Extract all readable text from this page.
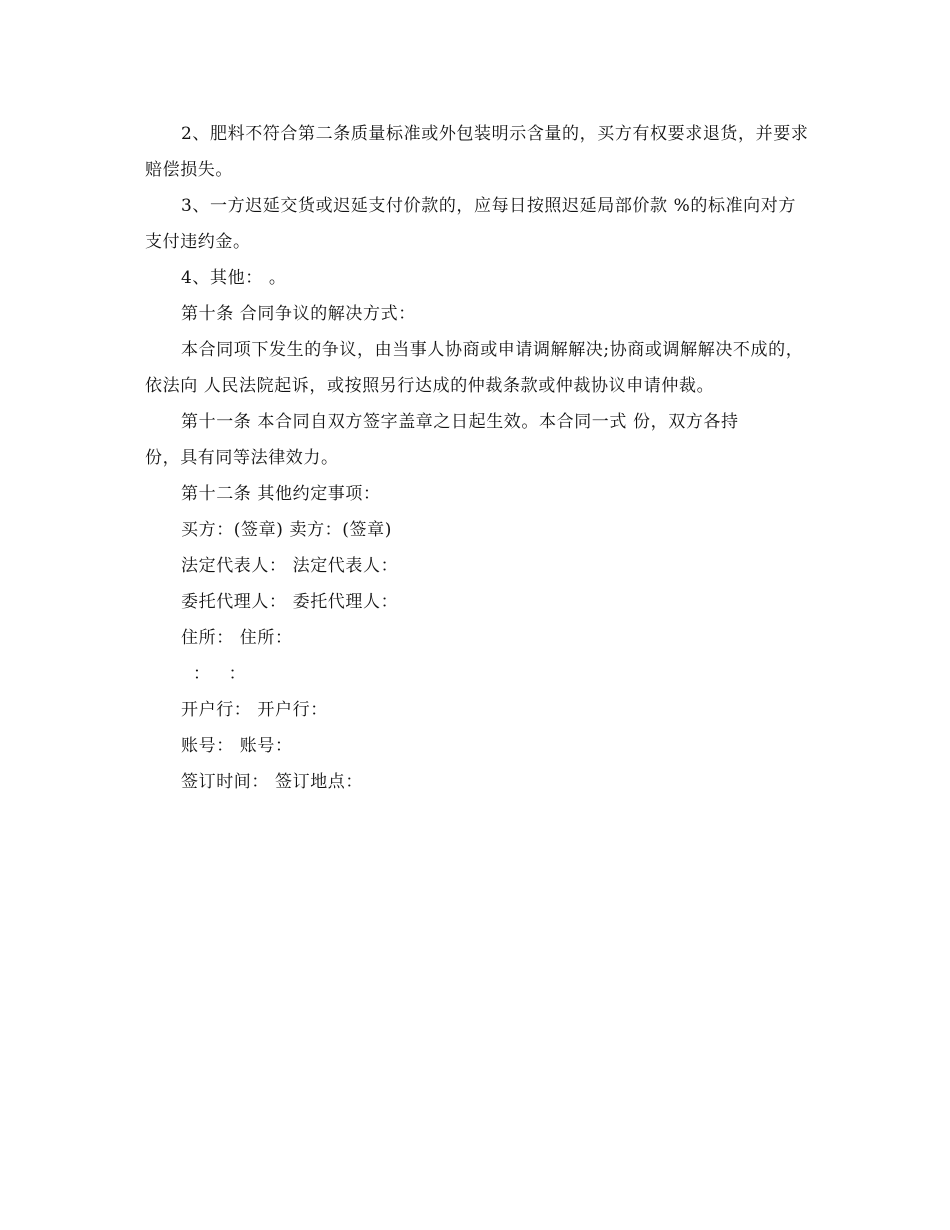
2、肥料不符合第二条质量标准或外包装明示含量的，买方有权要求退货，并要求赔偿损失。

3、一方迟延交货或迟延支付价款的，应每日按照迟延局部价款 %的标准向对方支付违约金。

4、其他： 。

第十条 合同争议的解决方式：

本合同项下发生的争议，由当事人协商或申请调解解决;协商或调解解决不成的，依法向 人民法院起诉，或按照另行达成的仲裁条款或仲裁协议申请仲裁。

第十一条 本合同自双方签字盖章之日起生效。本合同一式 份，双方各持 份，具有同等法律效力。

第十二条 其他约定事项：

买方：(签章) 卖方：(签章)

法定代表人： 法定代表人：

委托代理人： 委托代理人：

住所： 住所：

：   ：

开户行： 开户行：

账号： 账号：

签订时间： 签订地点：
